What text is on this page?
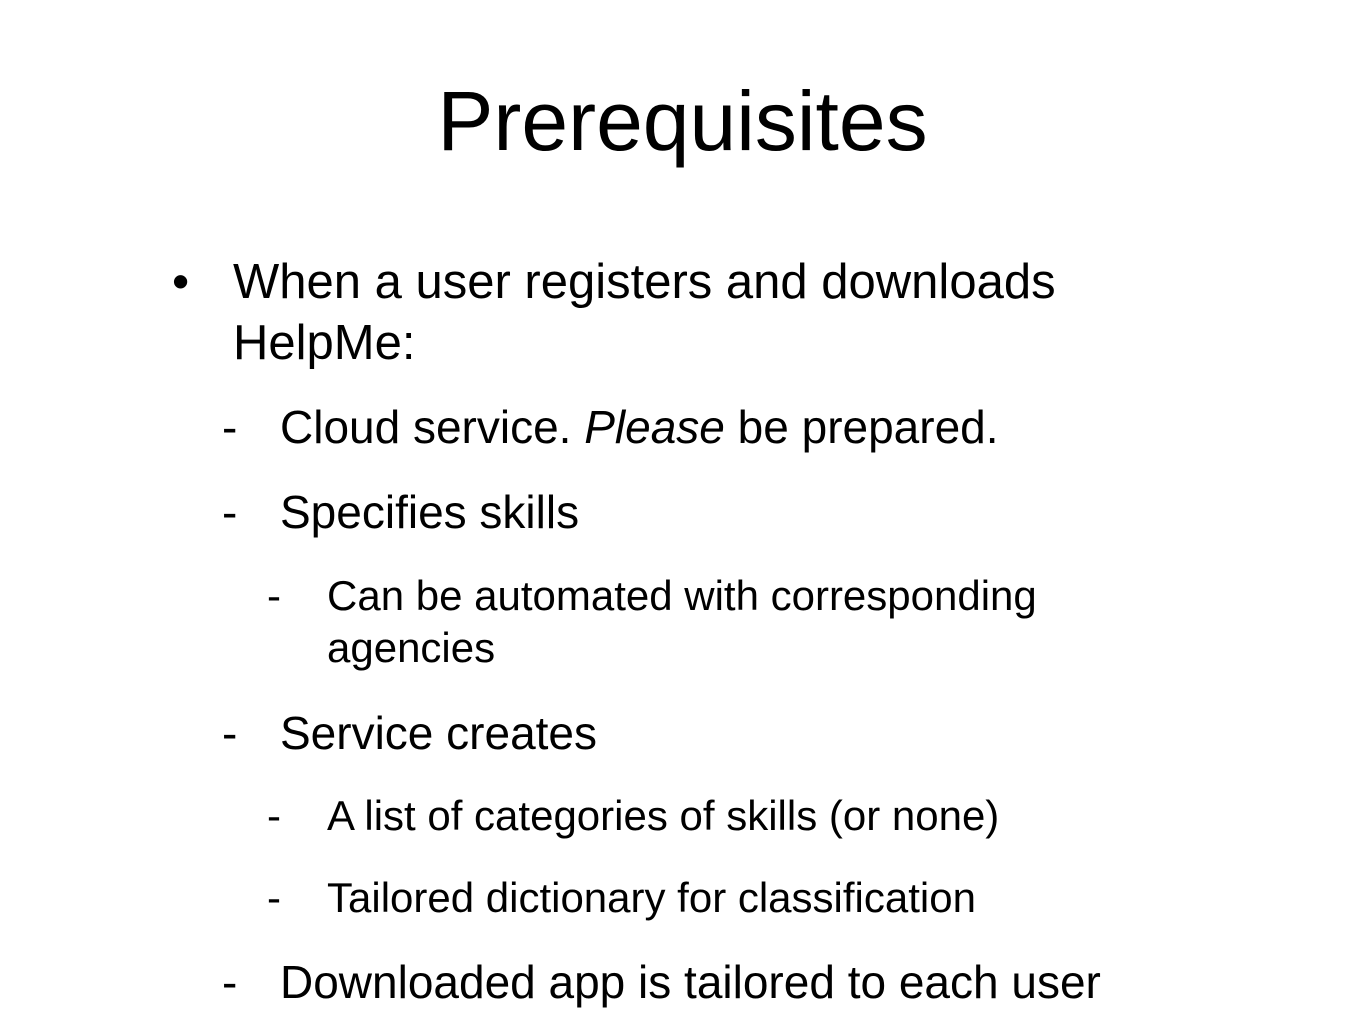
Prerequisites
• When a user registers and downloads
HelpMe:
- Cloud service. Please be prepared.
- Specifies skills
- Can be automated with corresponding
agencies
- Service creates
- A list of categories of skills (or none)
- Tailored dictionary for classification
- Downloaded app is tailored to each user
